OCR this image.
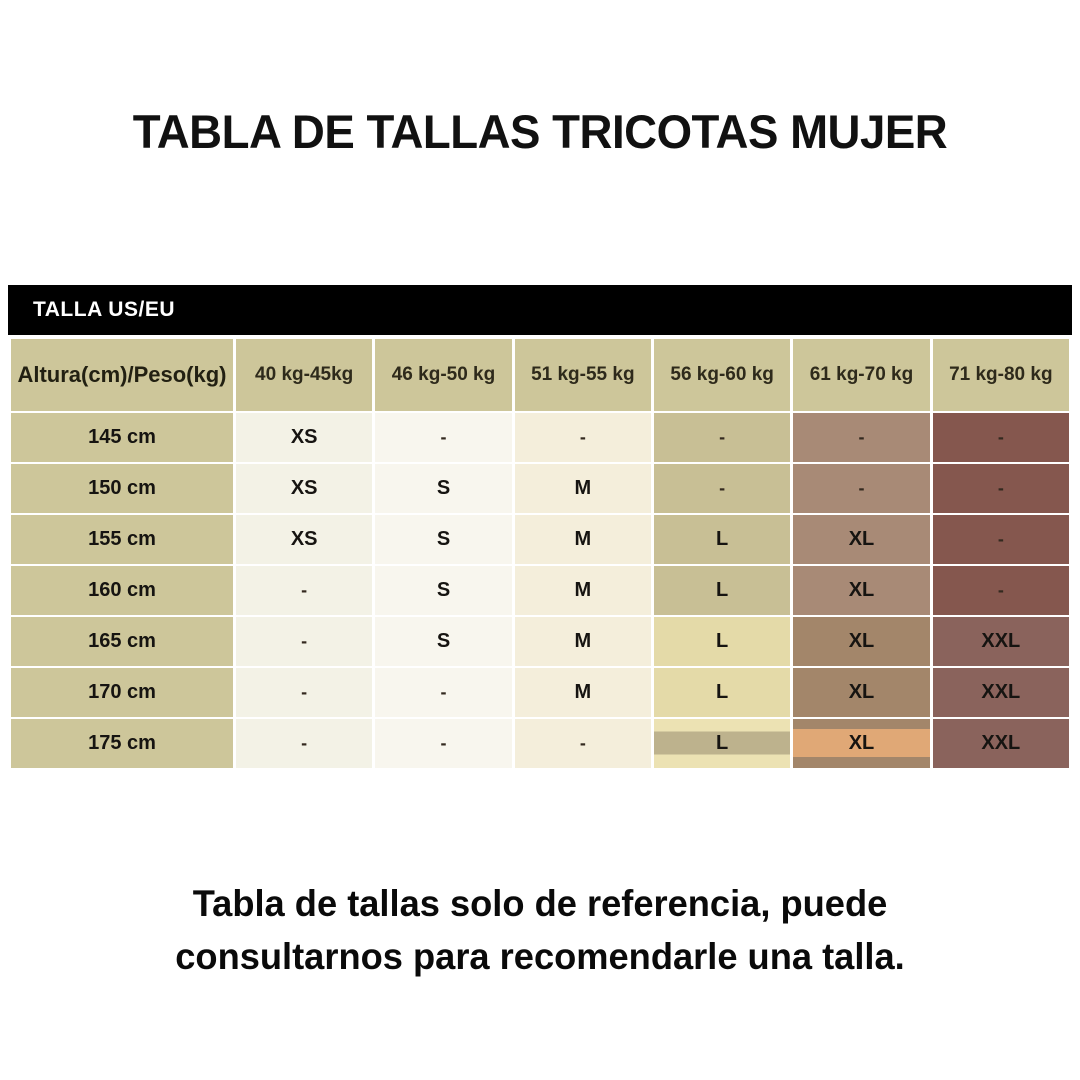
TABLA DE TALLAS TRICOTAS MUJER
TALLA US/EU
Altura(cm)/Peso(kg)	40 kg-45kg	46 kg-50 kg	51 kg-55 kg	56 kg-60 kg	61 kg-70 kg	71 kg-80 kg
145 cm	XS	-	-	-	-	-
150 cm	XS	S	M	-	-	-
155 cm	XS	S	M	L	XL	-
160 cm	-	S	M	L	XL	-
165 cm	-	S	M	L	XL	XXL
170 cm	-	-	M	L	XL	XXL
175 cm	-	-	-	L	XL	XXL
Tabla de tallas solo de referencia, puede
consultarnos para recomendarle una talla.
